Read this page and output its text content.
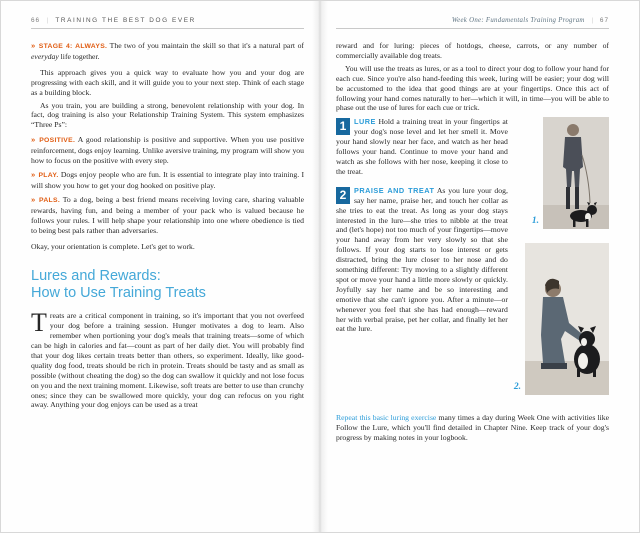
66 | TRAINING THE BEST DOG EVER

» STAGE 4: ALWAYS. The two of you maintain the skill so that it's a natural part of everyday life together.

This approach gives you a quick way to evaluate how you and your dog are progressing with each skill, and it will guide you to your next step. Think of each stage as a building block.

As you train, you are building a strong, benevolent relationship with your dog. In fact, dog training is also your Relationship Training System. This system emphasizes “Three Ps”:

» POSITIVE. A good relationship is positive and supportive. When you use positive reinforcement, dogs enjoy learning. Unlike aversive training, my program will show you how to focus on the positive with every step.

» PLAY. Dogs enjoy people who are fun. It is essential to integrate play into training. I will show you how to get your dog hooked on positive play.

» PALS. To a dog, being a best friend means receiving loving care, sharing valuable rewards, having fun, and being a member of your pack who is valued because he follows your rules. I will help shape your relationship into one where obedience is tied to being best pals rather than adversaries.

Okay, your orientation is complete. Let's get to work.

Lures and Rewards:
How to Use Training Treats

Treats are a critical component in training, so it's important that you not overfeed your dog before a training session. Hunger motivates a dog to learn. Also remember when portioning your dog's meals that training treats—some of which can be high in calories and fat—count as part of her daily diet. You will probably find that your dog likes certain treats better than others, so experiment. Ideally, like good-quality dog food, treats should be rich in protein. Treats should be tasty and as small as possible (without cheating the dog) so the dog can swallow it quickly and not lose focus on you and the next training moment. Likewise, soft treats are better to use than crunchy ones; since they can be swallowed more quickly, your dog can refocus on you right away. Anything your dog enjoys can be used as a treat

Week One: Fundamentals Training Program | 67

reward and for luring: pieces of hotdogs, cheese, carrots, or any number of commercially available dog treats.

You will use the treats as lures, or as a tool to direct your dog to follow your hand for each cue. Since you're also hand-feeding this week, luring will be easier; your dog will be accustomed to the idea that good things are at your fingertips. Once this act of following your hand comes naturally to her—which it will, in time—you will be able to phase out the use of lures for each cue or trick.

1	LURE Hold a training treat in your fingertips at your dog's nose level and let her smell it. Move your hand slowly near her face, and watch as her head follows your hand. Continue to move your hand and watch as she follows with her nose, keeping it close to the treat.
2	PRAISE AND TREAT As you lure your dog, say her name, praise her, and touch her collar as she tries to eat the treat. As long as your dog stays interested in the lure—she tries to nibble at the treat and (let's hope) not too much of your fingertips—move your hand away from her very slowly so that she follows. If your dog starts to lose interest or gets distracted, bring the lure closer to her nose and do something different: Try moving to a slightly different spot or move your hand a little more slowly or quickly. Joyfully say her name and be so interesting and emotive that she can't ignore you. After a minute—or whenever you feel that she has had enough—reward her with verbal praise, pet her collar, and finally let her eat the lure.
1.
2.

Repeat this basic luring exercise many times a day during Week One with activities like Follow the Lure, which you'll find detailed in Chapter Nine. Keep track of your dog's progress by making notes in your logbook.
